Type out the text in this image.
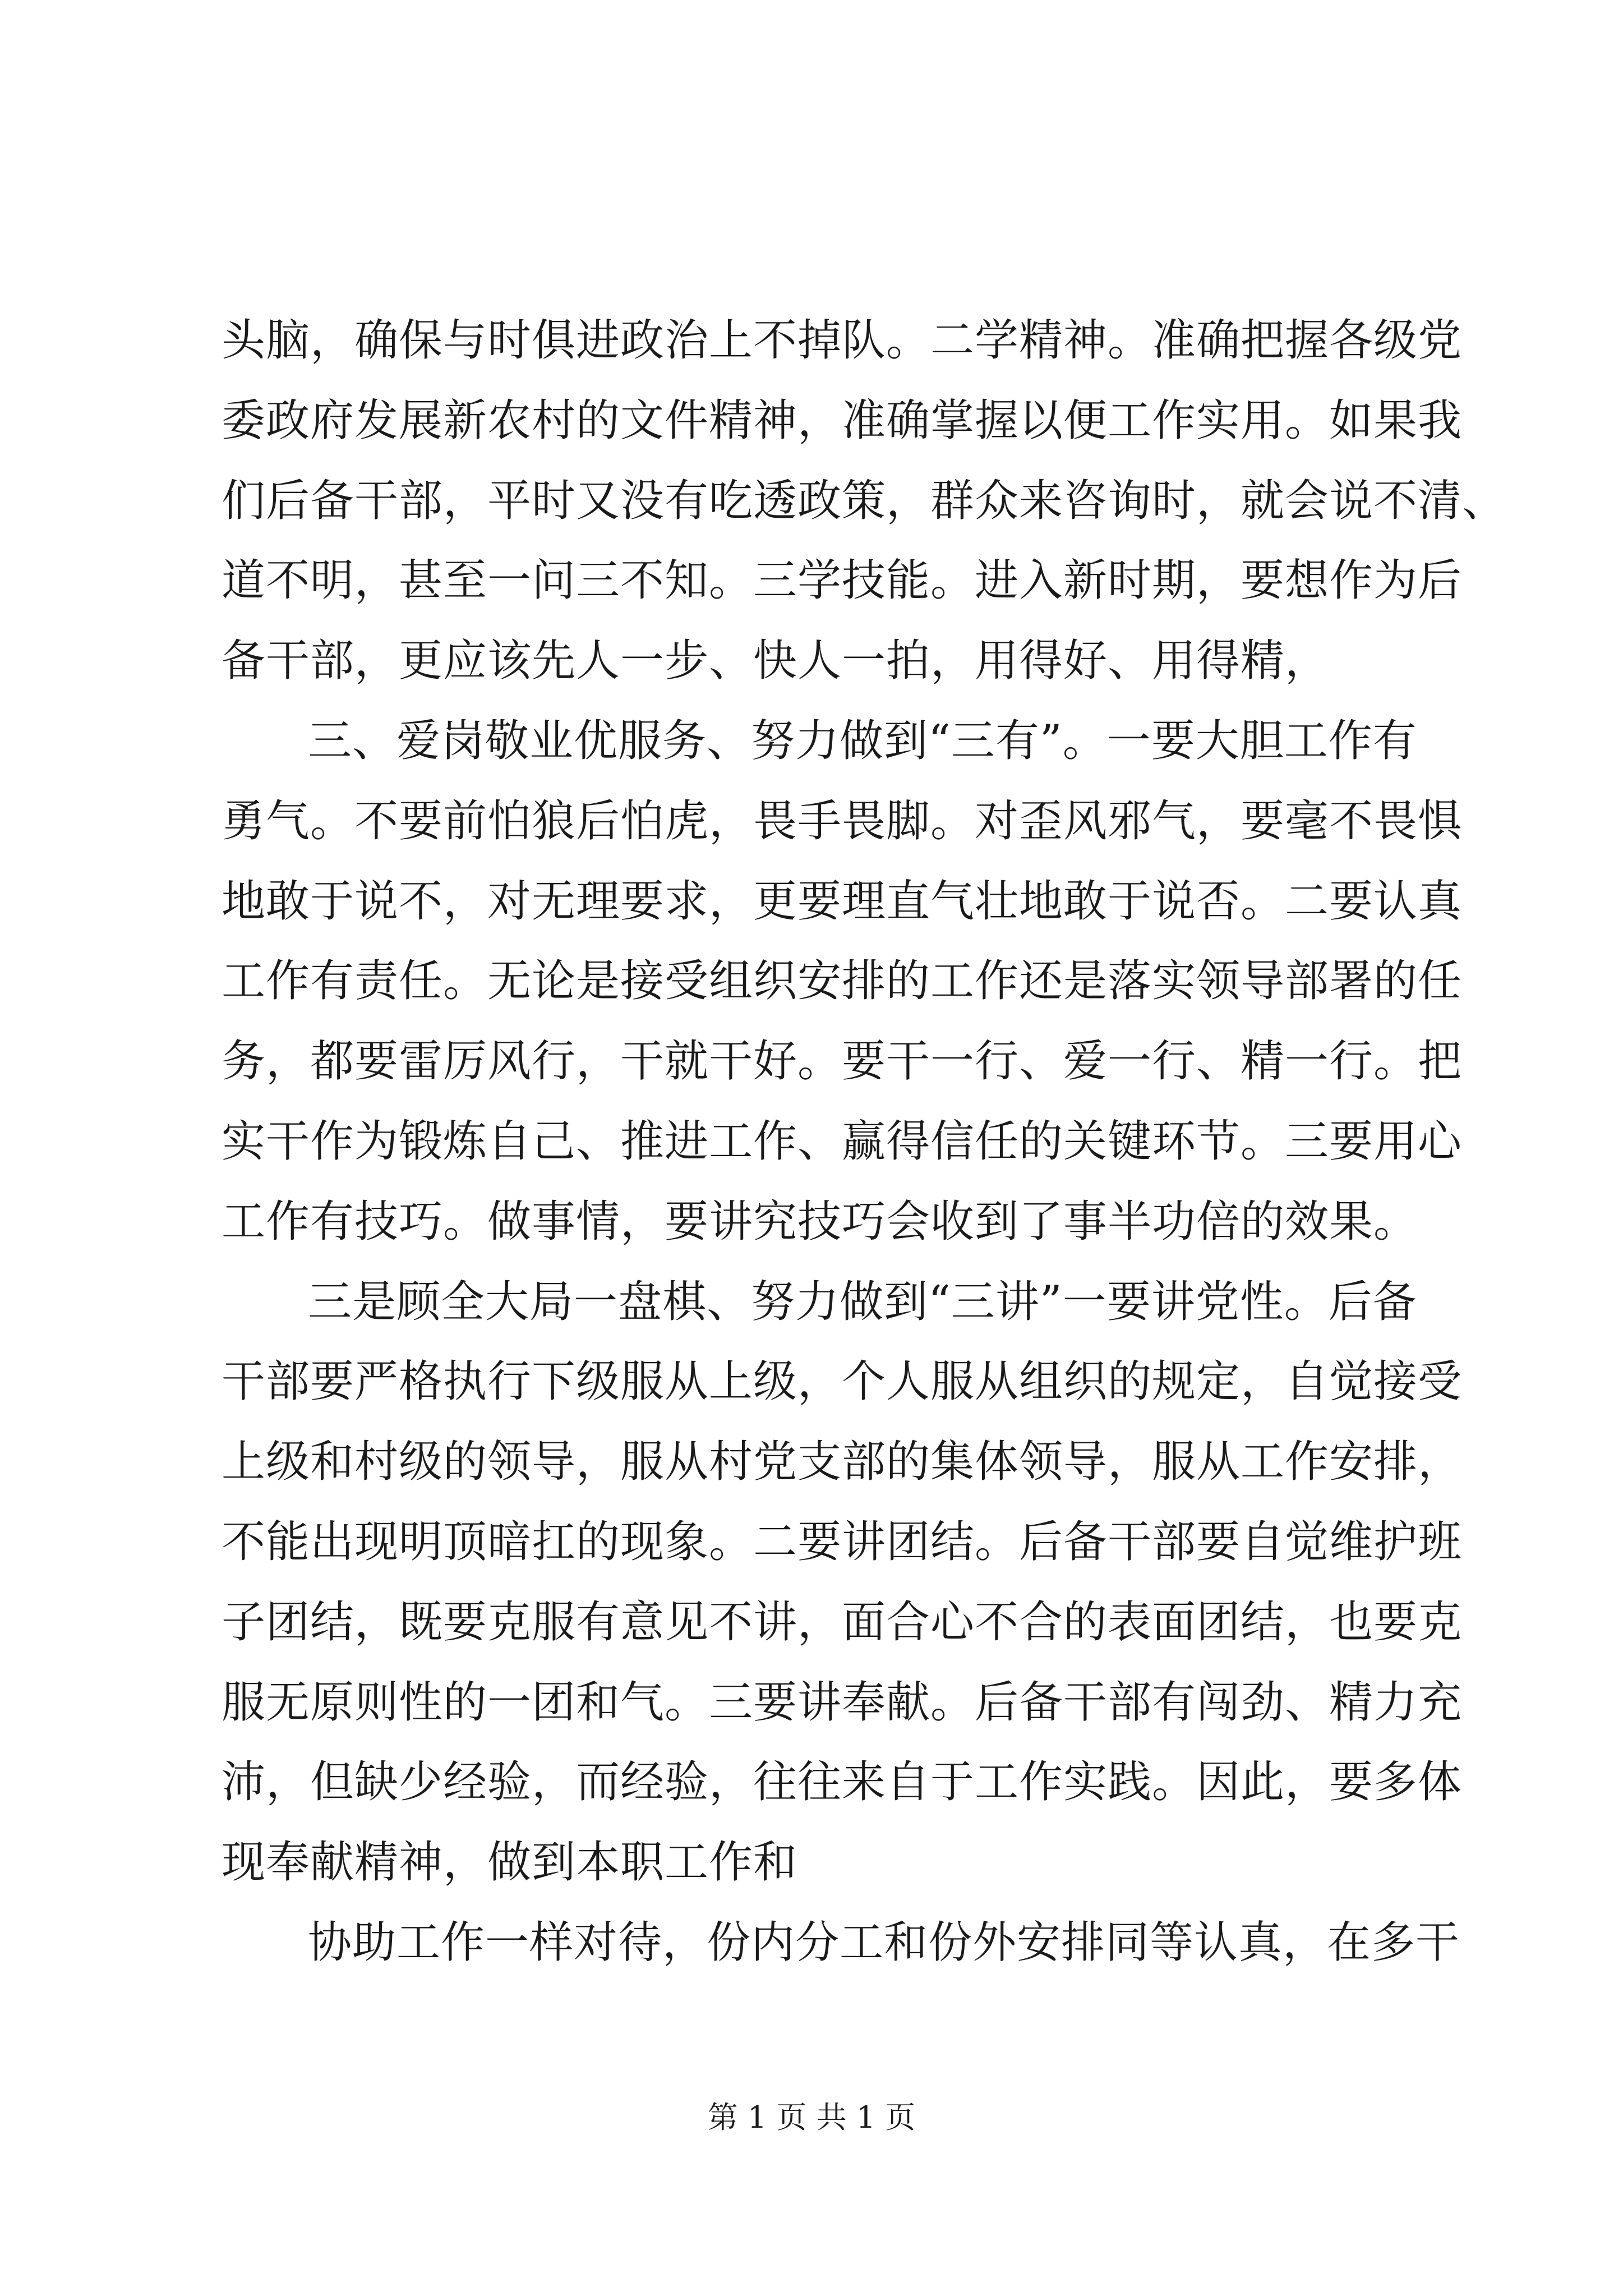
头脑，确保与时俱进政治上不掉队。二学精神。准确把握各级党
委政府发展新农村的文件精神，准确掌握以便工作实用。如果我
们后备干部，平时又没有吃透政策，群众来咨询时，就会说不清、
道不明，甚至一问三不知。三学技能。进入新时期，要想作为后
备干部，更应该先人一步、快人一拍，用得好、用得精，
三、爱岗敬业优服务、努力做到“三有”。一要大胆工作有
勇气。不要前怕狼后怕虎，畏手畏脚。对歪风邪气，要毫不畏惧
地敢于说不，对无理要求，更要理直气壮地敢于说否。二要认真
工作有责任。无论是接受组织安排的工作还是落实领导部署的任
务，都要雷厉风行，干就干好。要干一行、爱一行、精一行。把
实干作为锻炼自己、推进工作、赢得信任的关键环节。三要用心
工作有技巧。做事情，要讲究技巧会收到了事半功倍的效果。
三是顾全大局一盘棋、努力做到“三讲”一要讲党性。后备
干部要严格执行下级服从上级，个人服从组织的规定，自觉接受
上级和村级的领导，服从村党支部的集体领导，服从工作安排，
不能出现明顶暗扛的现象。二要讲团结。后备干部要自觉维护班
子团结，既要克服有意见不讲，面合心不合的表面团结，也要克
服无原则性的一团和气。三要讲奉献。后备干部有闯劲、精力充
沛，但缺少经验，而经验，往往来自于工作实践。因此，要多体
现奉献精神，做到本职工作和
协助工作一样对待，份内分工和份外安排同等认真，在多干
第 1 页 共 1 页
